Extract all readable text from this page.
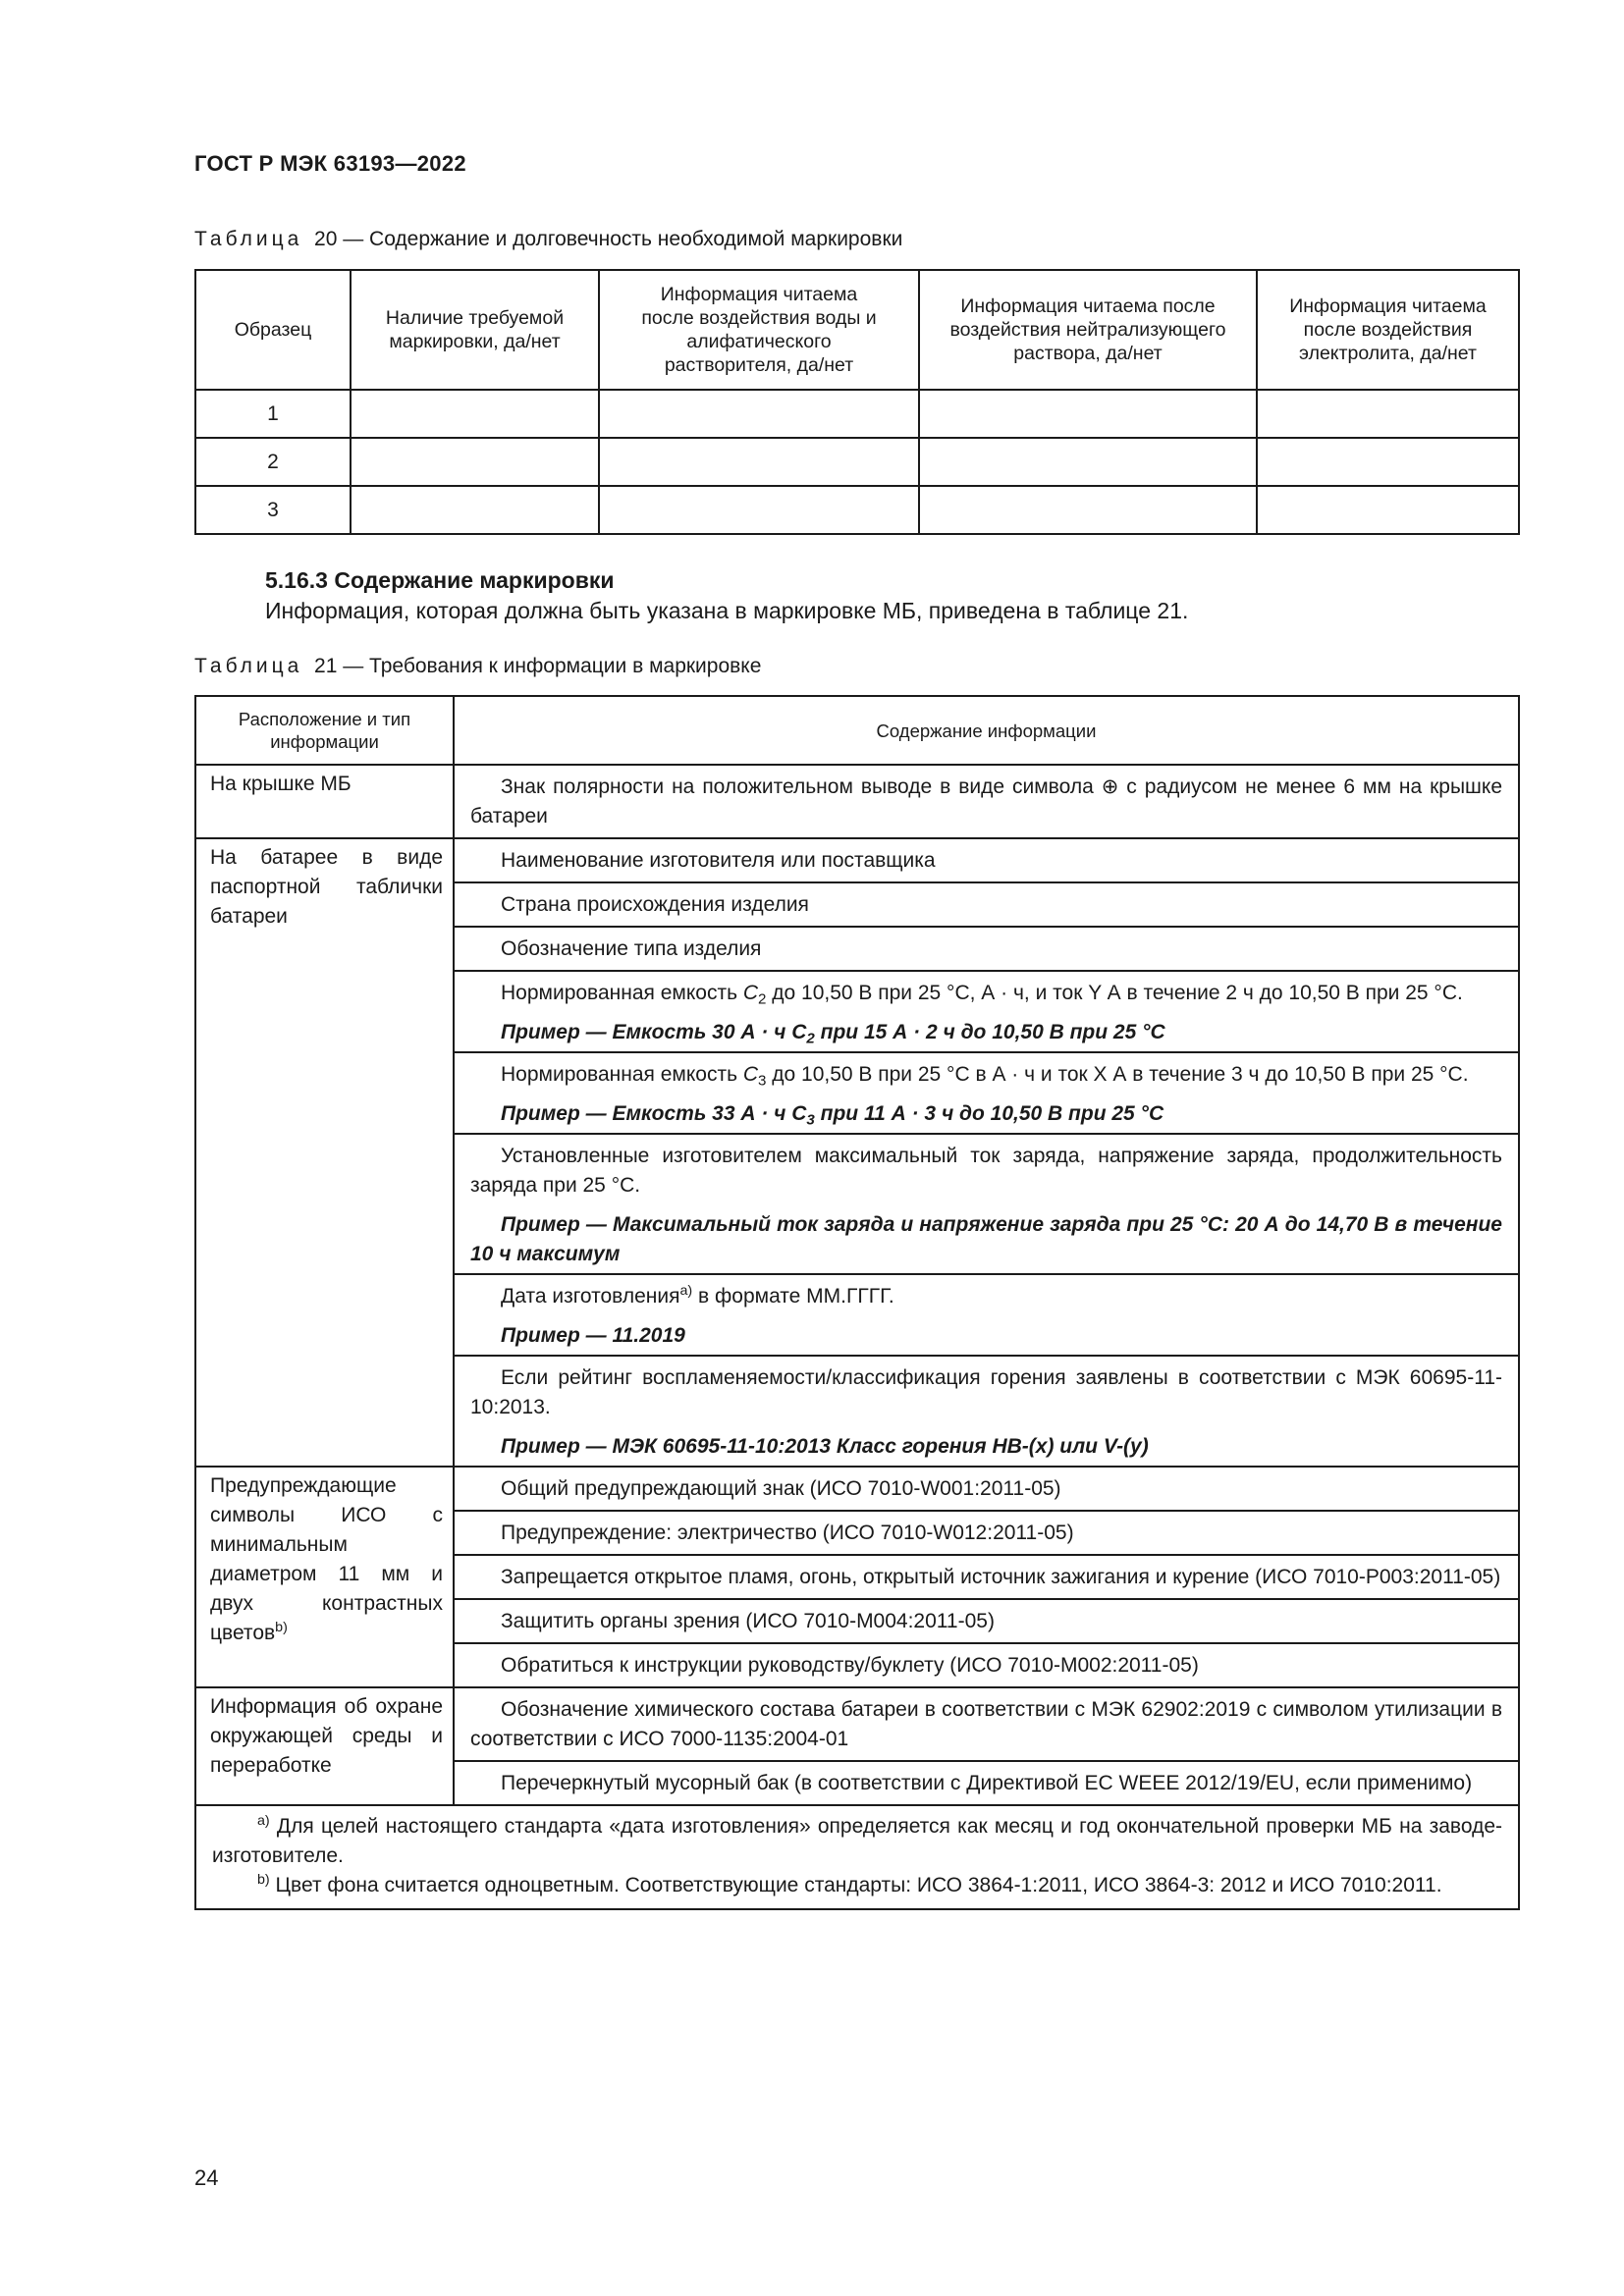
ГОСТ Р МЭК 63193—2022
Таблица 20 — Содержание и долговечность необходимой маркировки
Образец	Наличие требуемой маркировки, да/нет	Информация читаема после воздействия воды и алифатического растворителя, да/нет	Информация читаема после воздействия нейтрализующего раствора, да/нет	Информация читаема после воздействия электролита, да/нет
1				
2				
3				
5.16.3 Содержание маркировки
Информация, которая должна быть указана в маркировке МБ, приведена в таблице 21.
Таблица 21 — Требования к информации в маркировке
Расположение и тип информации	Содержание информации
На крышке МБ	Знак полярности на положительном выводе в виде символа ⊕ с радиусом не менее 6 мм на крышке батареи
На батарее в виде паспортной таблички батареи	Наименование изготовителя или поставщика
	Страна происхождения изделия
	Обозначение типа изделия
	Нормированная емкость $C_2$ до 10,50 В при 25 °С, А · ч, и ток Y А в течение 2 ч до 10,50 В при 25 °С.
	Пример — Емкость 30 А · ч $С_2$ при 15 А · 2 ч до 10,50 В при 25 °С
	Нормированная емкость $C_3$ до 10,50 В при 25 °С в А · ч и ток Х А в течение 3 ч до 10,50 В при 25 °С.
	Пример — Емкость 33 А · ч $С_3$ при 11 А · 3 ч до 10,50 В при 25 °С
	Установленные изготовителем максимальный ток заряда, напряжение заряда, продолжительность заряда при 25 °С.
	Пример — Максимальный ток заряда и напряжение заряда при 25 °С: 20 А до 14,70 В в течение 10 ч максимум
	Дата изготовления$^{a)}$ в формате ММ.ГГГГ.
	Пример — 11.2019
	Если рейтинг воспламеняемости/классификация горения заявлены в соответствии с МЭК 60695-11-10:2013.
	Пример — МЭК 60695-11-10:2013 Класс горения НВ-(x) или V-(y)
Предупреждающие символы ИСО с минимальным диаметром 11 мм и двух контрастных цветов$^{b)}$	Общий предупреждающий знак (ИСО 7010-W001:2011-05)
	Предупреждение: электричество (ИСО 7010-W012:2011-05)
	Запрещается открытое пламя, огонь, открытый источник зажигания и курение (ИСО 7010-Р003:2011-05)
	Защитить органы зрения (ИСО 7010-М004:2011-05)
	Обратиться к инструкции руководству/буклету (ИСО 7010-М002:2011-05)
Информация об охране окружающей среды и переработке	Обозначение химического состава батареи в соответствии с МЭК 62902:2019 с символом утилизации в соответствии с ИСО 7000-1135:2004-01
	Перечеркнутый мусорный бак (в соответствии с Директивой ЕС WEEE 2012/19/EU, если применимо)

$^{a)}$ Для целей настоящего стандарта «дата изготовления» определяется как месяц и год окончательной проверки МБ на заводе-изготовителе.
$^{b)}$ Цвет фона считается одноцветным. Соответствующие стандарты: ИСО 3864-1:2011, ИСО 3864-3: 2012 и ИСО 7010:2011.	
24
